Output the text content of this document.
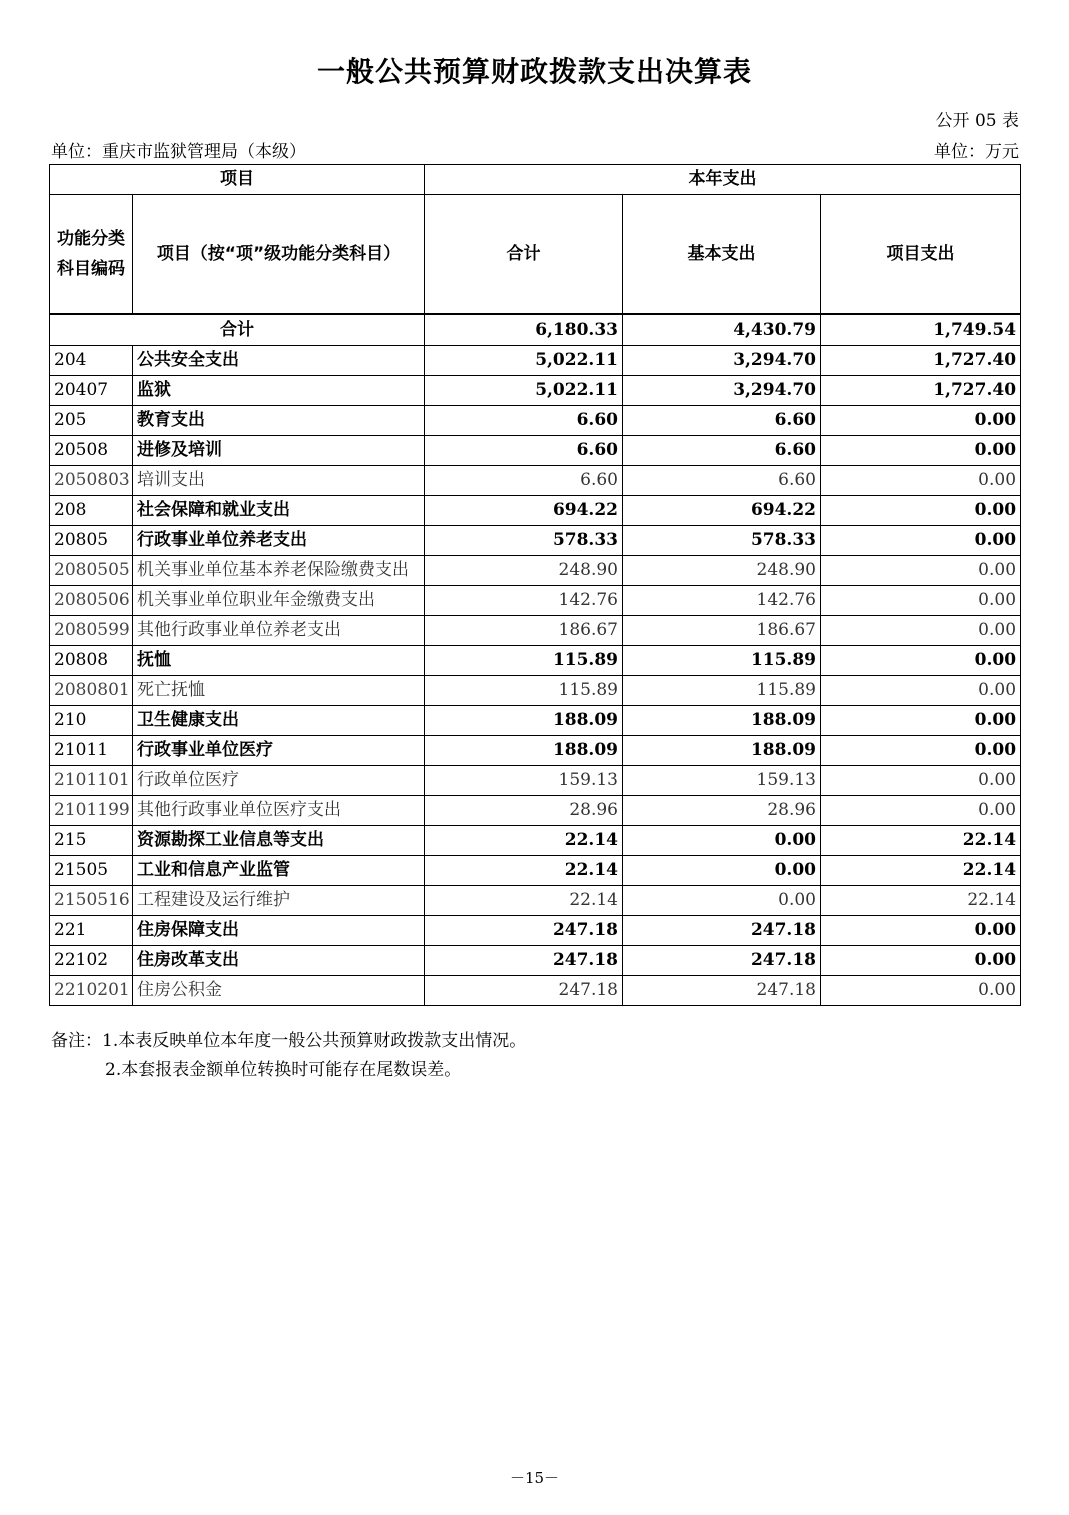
一般公共预算财政拨款支出决算表
公开 05 表
单位：重庆市监狱管理局（本级）	单位：万元
项目		本年支出		
功能分类科目编码	项目（按“项”级功能分类科目）	合计	基本支出	项目支出
合计		6,180.33	4,430.79	1,749.54
204	公共安全支出	5,022.11	3,294.70	1,727.40
20407	监狱	5,022.11	3,294.70	1,727.40
205	教育支出	6.60	6.60	0.00
20508	进修及培训	6.60	6.60	0.00
2050803	培训支出	6.60	6.60	0.00
208	社会保障和就业支出	694.22	694.22	0.00
20805	行政事业单位养老支出	578.33	578.33	0.00
2080505	机关事业单位基本养老保险缴费支出	248.90	248.90	0.00
2080506	机关事业单位职业年金缴费支出	142.76	142.76	0.00
2080599	其他行政事业单位养老支出	186.67	186.67	0.00
20808	抚恤	115.89	115.89	0.00
2080801	死亡抚恤	115.89	115.89	0.00
210	卫生健康支出	188.09	188.09	0.00
21011	行政事业单位医疗	188.09	188.09	0.00
2101101	行政单位医疗	159.13	159.13	0.00
2101199	其他行政事业单位医疗支出	28.96	28.96	0.00
215	资源勘探工业信息等支出	22.14	0.00	22.14
21505	工业和信息产业监管	22.14	0.00	22.14
2150516	工程建设及运行维护	22.14	0.00	22.14
221	住房保障支出	247.18	247.18	0.00
22102	住房改革支出	247.18	247.18	0.00
2210201	住房公积金	247.18	247.18	0.00
备注：1.本表反映单位本年度一般公共预算财政拨款支出情况。
2.本套报表金额单位转换时可能存在尾数误差。
－15－
